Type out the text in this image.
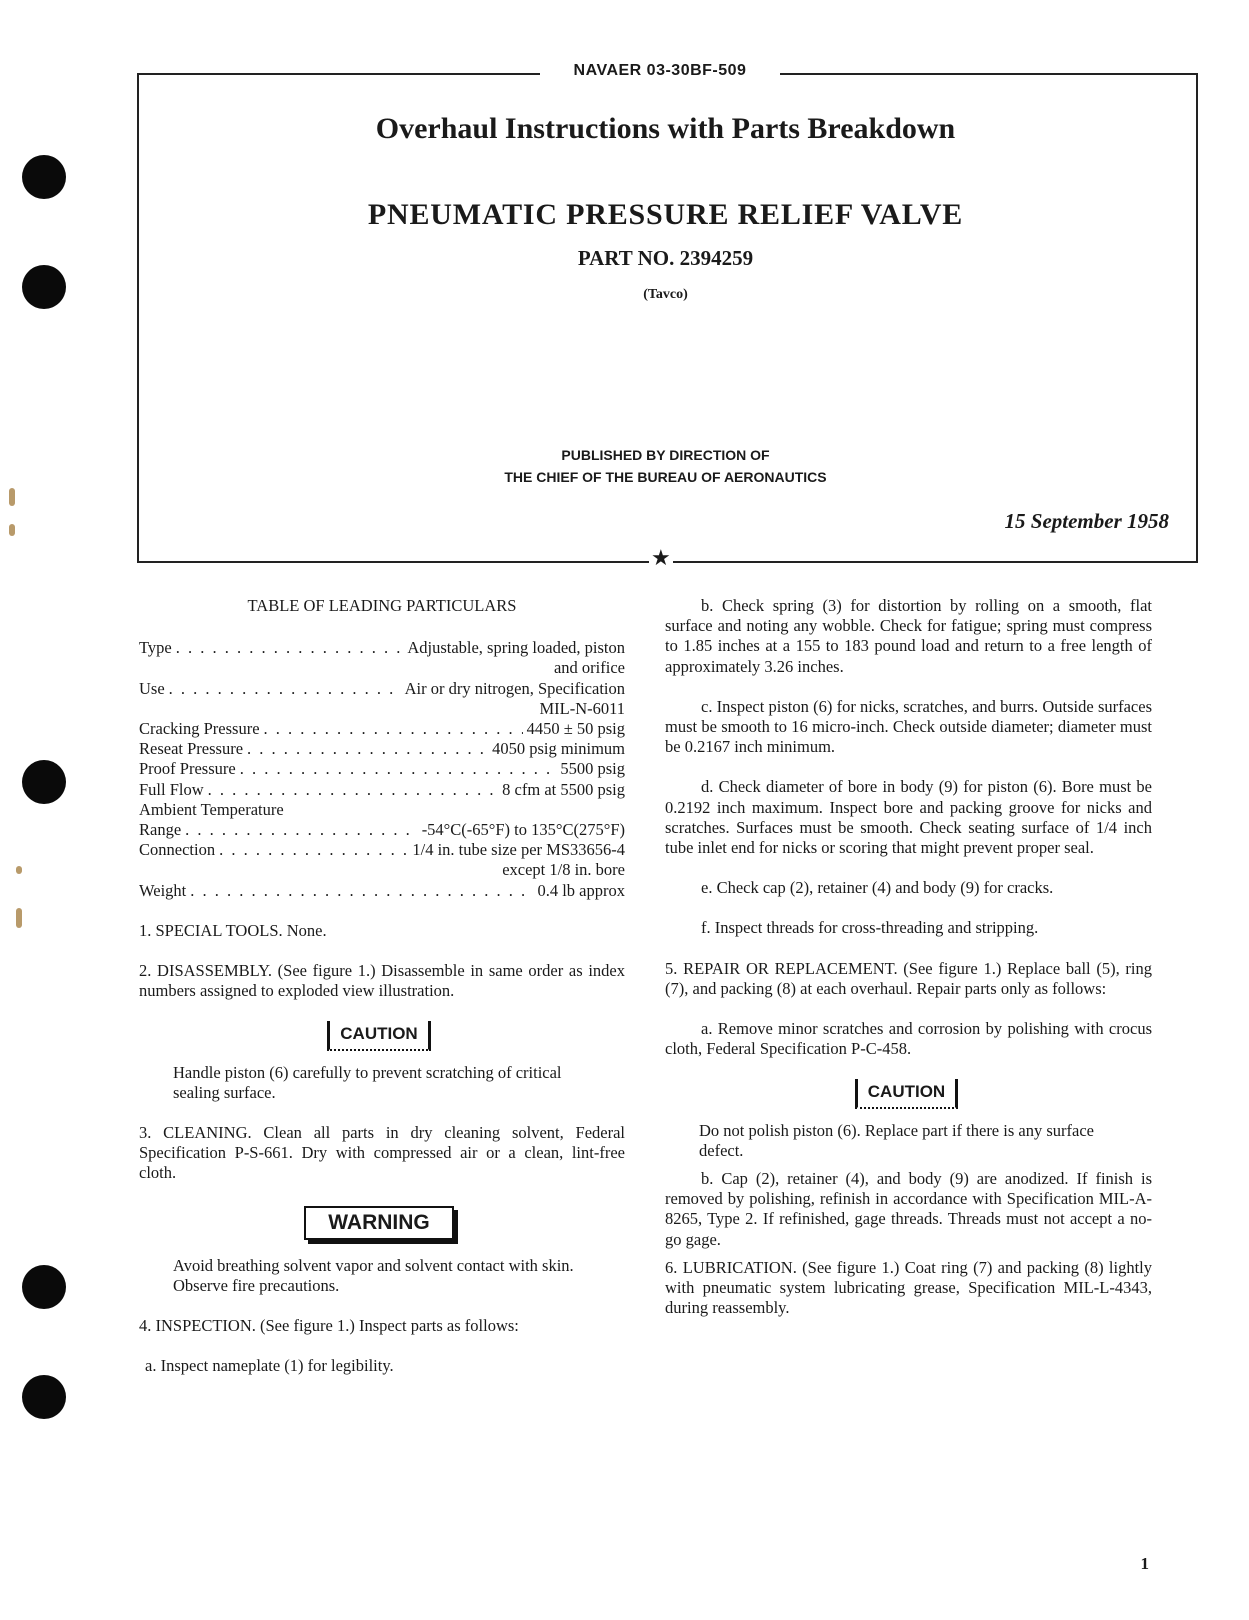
NAVAER 03-30BF-509
★
Overhaul Instructions with Parts Breakdown
PNEUMATIC PRESSURE RELIEF VALVE
PART NO. 2394259
(Tavco)
PUBLISHED BY DIRECTION OF
THE CHIEF OF THE BUREAU OF AERONAUTICS
15 September 1958

TABLE OF LEADING PARTICULARS

Type . . .	Adjustable, spring loaded, piston
and orifice
Use . . .	Air or dry nitrogen, Specification
MIL-N-6011
Cracking Pressure . . .	4450 ± 50 psig
Reseat Pressure . . .	4050 psig minimum
Proof Pressure . . .	5500 psig
Full Flow . . .	8 cfm at 5500 psig
Ambient Temperature
Range . . .	-54°C(-65°F) to 135°C(275°F)
Connection . . .	1/4 in. tube size per MS33656-4
except 1/8 in. bore
Weight . . .	0.4 lb approx

1. SPECIAL TOOLS. None.

2. DISASSEMBLY. (See figure 1.) Disassemble in same order as index numbers assigned to exploded view illustration.

CAUTION

Handle piston (6) carefully to prevent scratching of critical sealing surface.

3. CLEANING. Clean all parts in dry cleaning solvent, Federal Specification P-S-661. Dry with compressed air or a clean, lint-free cloth.

WARNING

Avoid breathing solvent vapor and solvent contact with skin. Observe fire precautions.

4. INSPECTION. (See figure 1.) Inspect parts as follows:

a. Inspect nameplate (1) for legibility.

b. Check spring (3) for distortion by rolling on a smooth, flat surface and noting any wobble. Check for fatigue; spring must compress to 1.85 inches at a 155 to 183 pound load and return to a free length of approximately 3.26 inches.

c. Inspect piston (6) for nicks, scratches, and burrs. Outside surfaces must be smooth to 16 micro-inch. Check outside diameter; diameter must be 0.2167 inch minimum.

d. Check diameter of bore in body (9) for piston (6). Bore must be 0.2192 inch maximum. Inspect bore and packing groove for nicks and scratches. Surfaces must be smooth. Check seating surface of 1/4 inch tube inlet end for nicks or scoring that might prevent proper seal.

e. Check cap (2), retainer (4) and body (9) for cracks.

f. Inspect threads for cross-threading and stripping.

5. REPAIR OR REPLACEMENT. (See figure 1.) Replace ball (5), ring (7), and packing (8) at each overhaul. Repair parts only as follows:

a. Remove minor scratches and corrosion by polishing with crocus cloth, Federal Specification P-C-458.

CAUTION

Do not polish piston (6). Replace part if there is any surface defect.

b. Cap (2), retainer (4), and body (9) are anodized. If finish is removed by polishing, refinish in accordance with Specification MIL-A-8265, Type 2. If refinished, gage threads. Threads must not accept a no-go gage.

6. LUBRICATION. (See figure 1.) Coat ring (7) and packing (8) lightly with pneumatic system lubricating grease, Specification MIL-L-4343, during reassembly.

1
